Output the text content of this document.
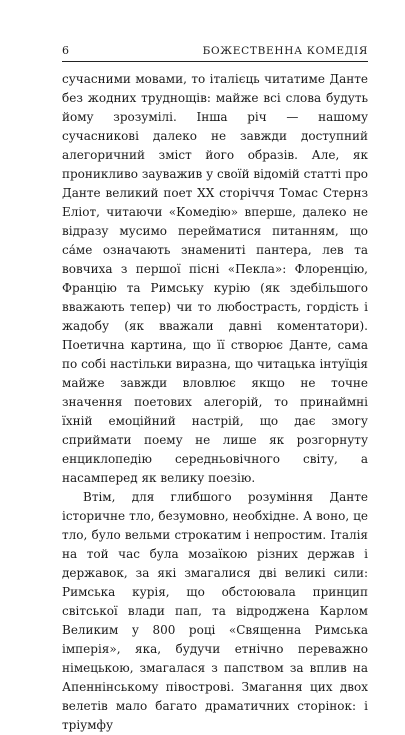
6	БОЖЕСТВЕННА КОМЕДІЯ

сучасними мовами, то італієць читатиме Данте без жодних труднощів: майже всі слова будуть йому зрозумілі. Інша річ — нашому сучасникові далеко не завжди доступний алегоричний зміст його образів. Але, як проникливо зауважив у своїй відомій статті про Данте великий поет XX сторіччя Томас Стернз Еліот, читаючи «Комедію» вперше, далеко не відразу мусимо перейматися питанням, що са́ме означають знаменитi пантера, лев та вовчиха з першої пісні «Пекла»: Флоренцію, Францію та Римську курію (як здебільшого вважають тепер) чи то любострасть, гордість і жадобу (як вважали давні коментатори). Поетична картина, що її створює Данте, сама по собі настільки виразна, що читацька інтуїція майже завжди вловлює якщо не точне значення поетових алегорій, то принаймні їхній емоційний настрій, що дає змогу сприймати поему не лише як розгорнуту енциклопедію середньовічного світу, а насамперед як велику поезію.

Втім, для глибшого розуміння Данте історичне тло, безумовно, необхідне. А воно, це тло, було вельми строкатим і непростим. Італія на той час була мозаїкою різних держав і державок, за які змагалися дві великі сили: Римська курія, що обстоювала принцип світської влади пап, та відроджена Карлом Великим у 800 році «Священна Римська імперія», яка, будучи етнічно переважно німецькою, змагалася з папством за вплив на Апеннінському півострові. Змагання цих двох велетів мало багато драматичних сторінок: і тріумфу
